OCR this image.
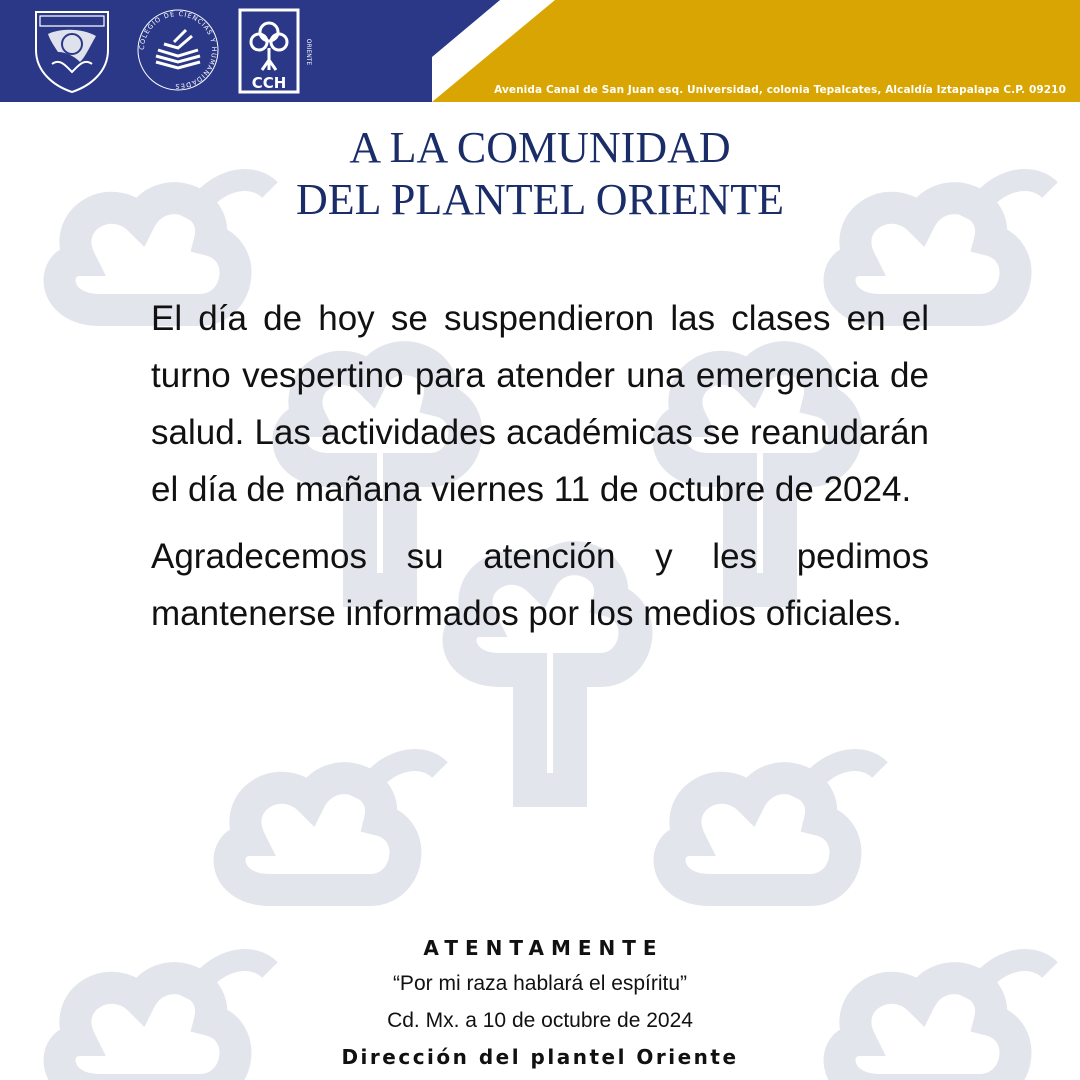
COLEGIO DE CIENCIAS Y HUMANIDADES	CCH
ORIENTE
Avenida Canal de San Juan esq. Universidad, colonia Tepalcates, Alcaldía Iztapalapa C.P. 09210
A LA COMUNIDAD
DEL PLANTEL ORIENTE

El día de hoy se suspendieron las clases en el turno vespertino para atender una emergencia de salud. Las actividades académicas se reanudarán el día de mañana viernes 11 de octubre de 2024.

Agradecemos su atención y les pedimos mantenerse informados por los medios oficiales.

ATENTAMENTE
“Por mi raza hablará el espíritu”
Cd. Mx. a 10 de octubre de 2024
Dirección del plantel Oriente
